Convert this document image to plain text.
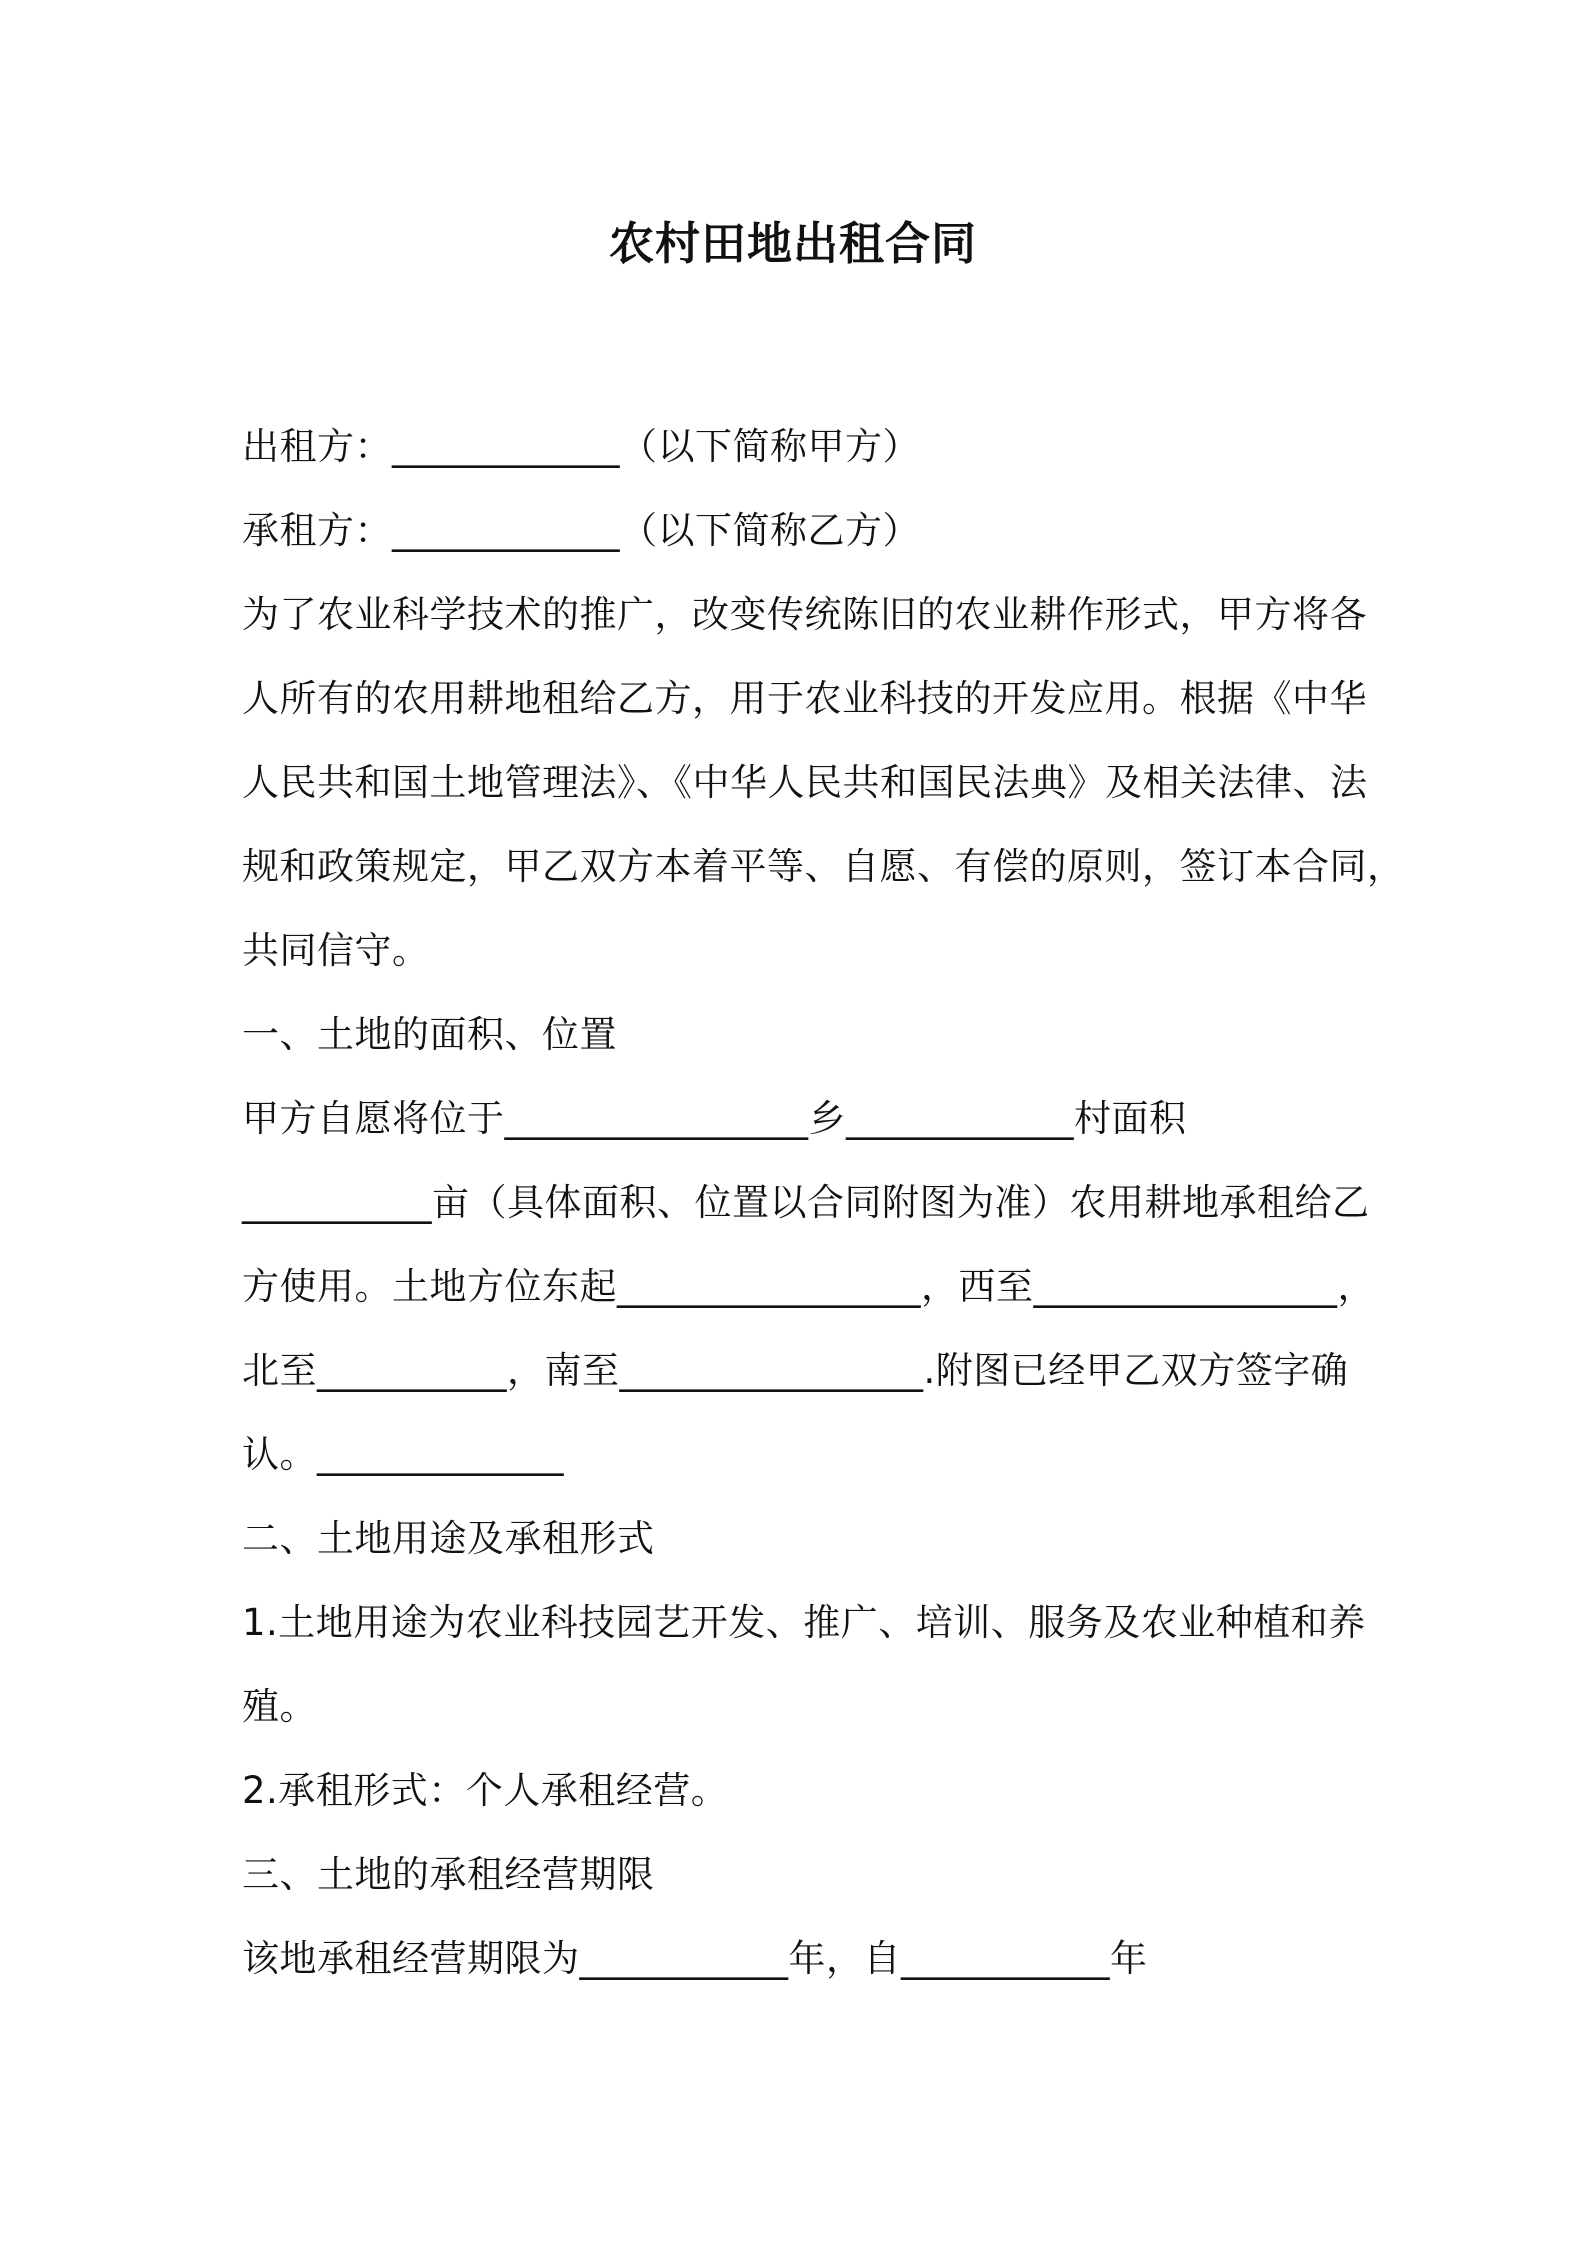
农村田地出租合同
出租方：____________（以下简称甲方）
承租方：____________（以下简称乙方）
为了农业科学技术的推广，改变传统陈旧的农业耕作形式，甲方将各
人所有的农用耕地租给乙方，用于农业科技的开发应用。根据《中华
人民共和国土地管理法》、《中华人民共和国民法典》及相关法律、法
规和政策规定，甲乙双方本着平等、自愿、有偿的原则，签订本合同，
共同信守。
一、土地的面积、位置
甲方自愿将位于________________乡____________村面积
__________亩（具体面积、位置以合同附图为准）农用耕地承租给乙
方使用。土地方位东起________________，西至________________，
北至__________，南至________________.附图已经甲乙双方签字确
认。_____________
二、土地用途及承租形式
1.土地用途为农业科技园艺开发、推广、培训、服务及农业种植和养
殖。
2.承租形式：个人承租经营。
三、土地的承租经营期限
该地承租经营期限为___________年，自___________年
